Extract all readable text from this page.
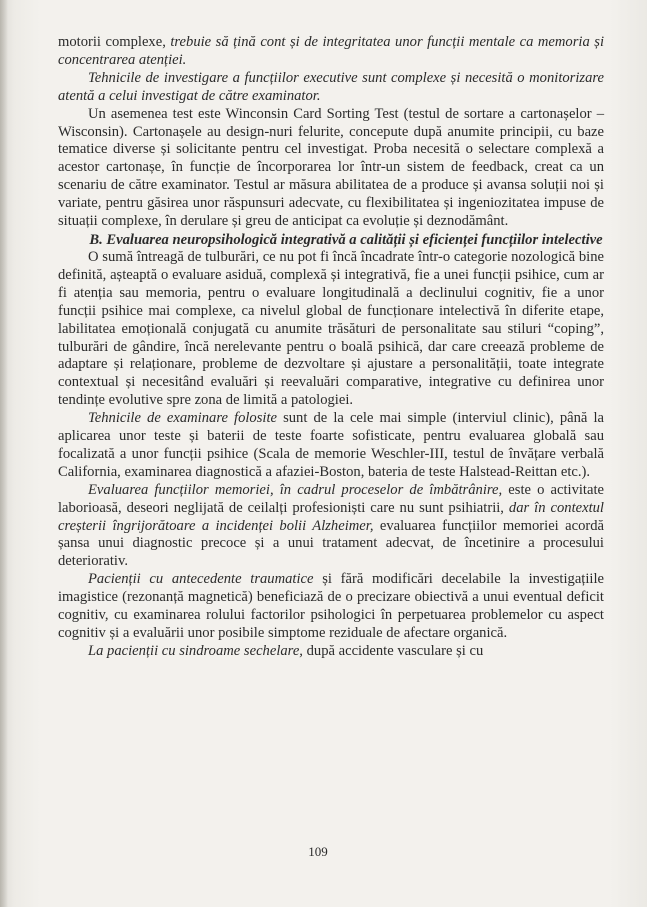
motorii complexe, trebuie să țină cont și de integritatea unor funcții mentale ca memoria și concentrarea atenției.

Tehnicile de investigare a funcțiilor executive sunt complexe și necesită o monitorizare atentă a celui investigat de către examinator.

Un asemenea test este Winconsin Card Sorting Test (testul de sortare a cartonașelor – Wisconsin). Cartonașele au design-nuri felurite, concepute după anumite principii, cu baze tematice diverse și solicitante pentru cel investigat. Proba necesită o selectare complexă a acestor cartonașe, în funcție de încorporarea lor într-un sistem de feedback, creat ca un scenariu de către examinator. Testul ar măsura abilitatea de a produce și avansa soluții noi și variate, pentru găsirea unor răspunsuri adecvate, cu flexibilitatea și ingeniozitatea impuse de situații complexe, în derulare și greu de anticipat ca evoluție și deznodământ.

B. Evaluarea neuropsihologică integrativă a calității și eficienței funcțiilor intelective

O sumă întreagă de tulburări, ce nu pot fi încă încadrate într-o categorie nozologică bine definită, așteaptă o evaluare asiduă, complexă și integrativă, fie a unei funcții psihice, cum ar fi atenția sau memoria, pentru o evaluare longitudinală a declinului cognitiv, fie a unor funcții psihice mai complexe, ca nivelul global de funcționare intelectivă în diferite etape, labilitatea emoțională conjugată cu anumite trăsături de personalitate sau stiluri “coping”, tulburări de gândire, încă nerelevante pentru o boală psihică, dar care creează probleme de adaptare și relaționare, probleme de dezvoltare și ajustare a personalității, toate integrate contextual și necesitând evaluări și reevaluări comparative, integrative cu definirea unor tendințe evolutive spre zona de limită a patologiei.

Tehnicile de examinare folosite sunt de la cele mai simple (interviul clinic), până la aplicarea unor teste și baterii de teste foarte sofisticate, pentru evaluarea globală sau focalizată a unor funcții psihice (Scala de memorie Weschler-III, testul de învățare verbală California, examinarea diagnostică a afaziei-Boston, bateria de teste Halstead-Reittan etc.).

Evaluarea funcțiilor memoriei, în cadrul proceselor de îmbătrânire, este o activitate laborioasă, deseori neglijată de ceilalți profesioniști care nu sunt psihiatrii, dar în contextul creșterii îngrijorătoare a incidenței bolii Alzheimer, evaluarea funcțiilor memoriei acordă șansa unui diagnostic precoce și a unui tratament adecvat, de încetinire a procesului deteriorativ.

Pacienții cu antecedente traumatice și fără modificări decelabile la investigațiile imagistice (rezonanță magnetică) beneficiază de o precizare obiectivă a unui eventual deficit cognitiv, cu examinarea rolului factorilor psihologici în perpetuarea problemelor cu aspect cognitiv și a evaluării unor posibile simptome reziduale de afectare organică.

La pacienții cu sindroame sechelare, după accidente vasculare și cu

109
